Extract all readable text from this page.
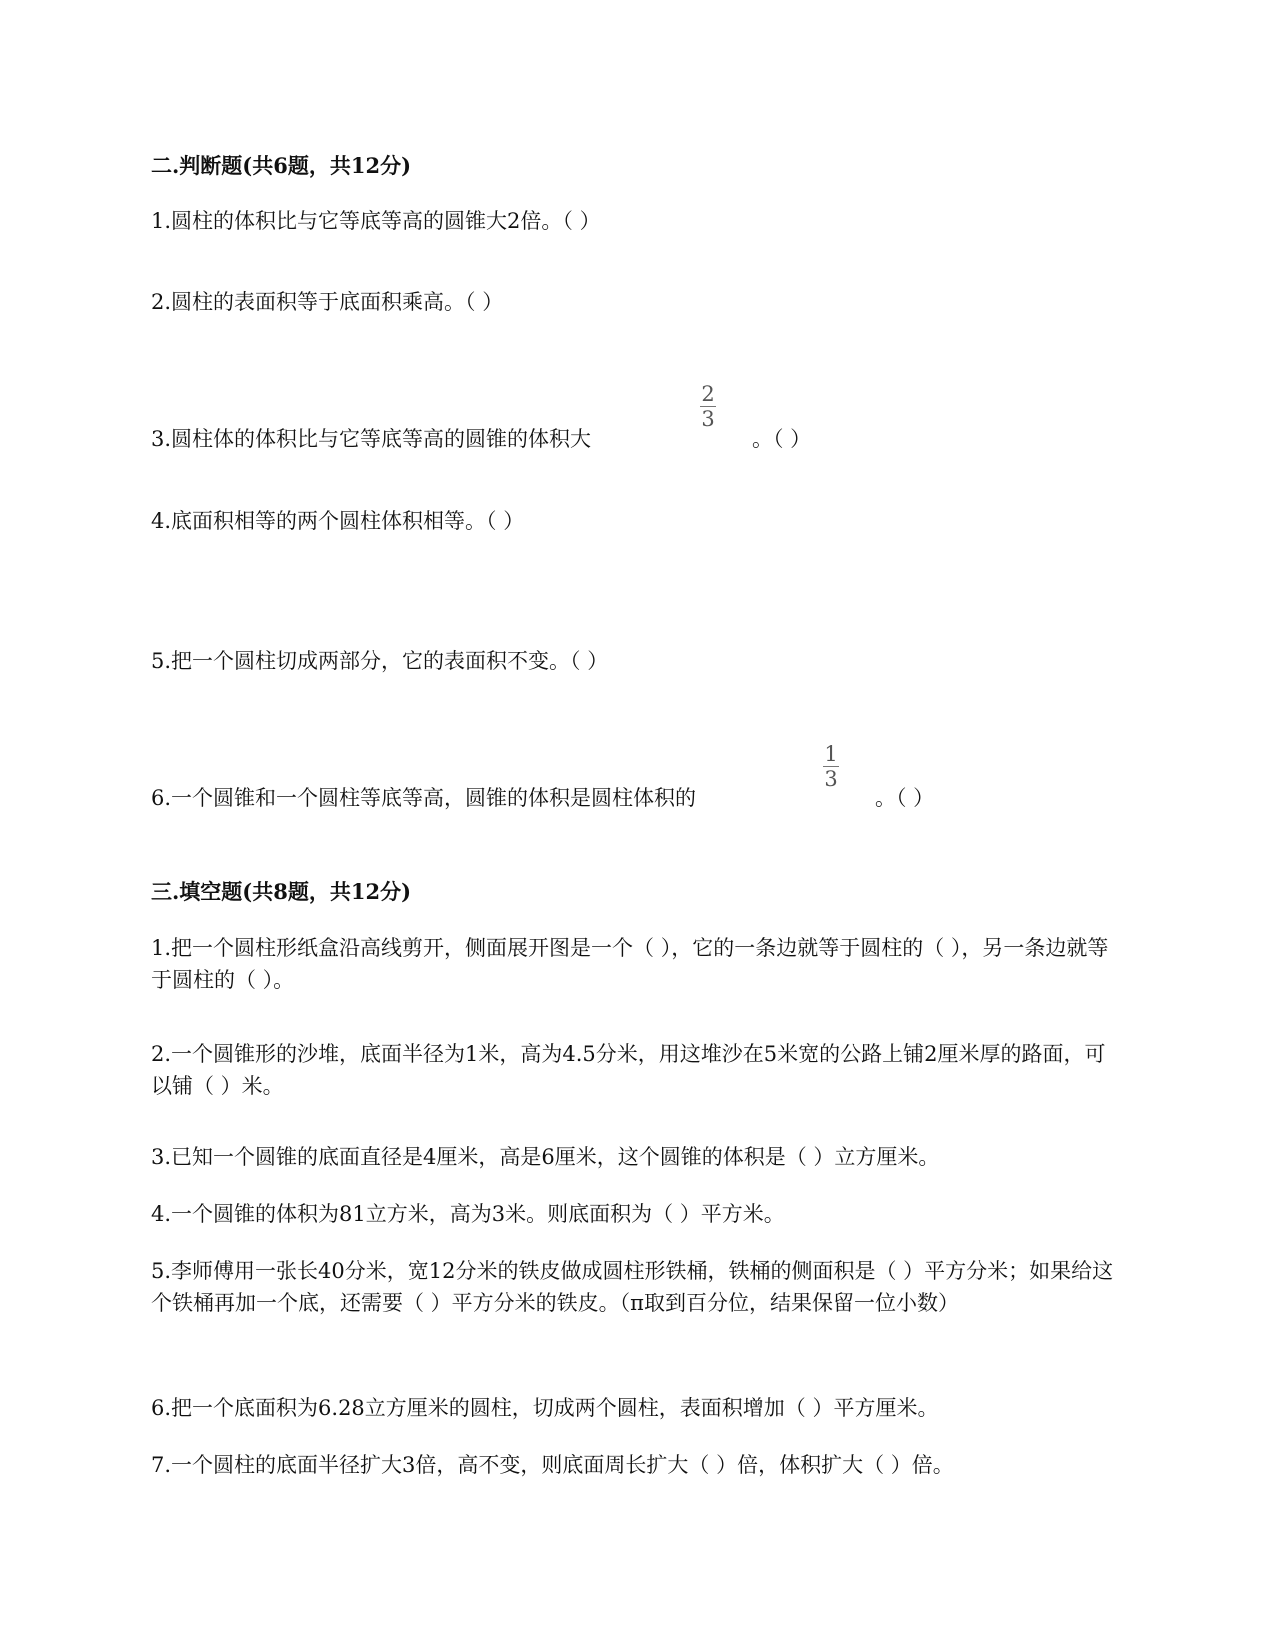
二.判断题(共6题，共12分)
1.圆柱的体积比与它等底等高的圆锥大2倍。（ ）
2.圆柱的表面积等于底面积乘高。（ ）
3.圆柱体的体积比与它等底等高的圆锥的体积大
2
3
。（ ）
4.底面积相等的两个圆柱体积相等。（ ）
5.把一个圆柱切成两部分，它的表面积不变。（ ）
6.一个圆锥和一个圆柱等底等高，圆锥的体积是圆柱体积的
1
3
。（ ）
三.填空题(共8题，共12分)
1.把一个圆柱形纸盒沿高线剪开，侧面展开图是一个（ ），它的一条边就等于圆柱的（ ），另一条边就等于圆柱的（ ）。
2.一个圆锥形的沙堆，底面半径为1米，高为4.5分米，用这堆沙在5米宽的公路上铺2厘米厚的路面，可以铺（ ）米。
3.已知一个圆锥的底面直径是4厘米，高是6厘米，这个圆锥的体积是（ ）立方厘米。
4.一个圆锥的体积为81立方米，高为3米。则底面积为（ ）平方米。
5.李师傅用一张长40分米，宽12分米的铁皮做成圆柱形铁桶，铁桶的侧面积是（ ）平方分米；如果给这个铁桶再加一个底，还需要（ ）平方分米的铁皮。（π取到百分位，结果保留一位小数）
6.把一个底面积为6.28立方厘米的圆柱，切成两个圆柱，表面积增加（ ）平方厘米。
7.一个圆柱的底面半径扩大3倍，高不变，则底面周长扩大（ ）倍，体积扩大（ ）倍。
